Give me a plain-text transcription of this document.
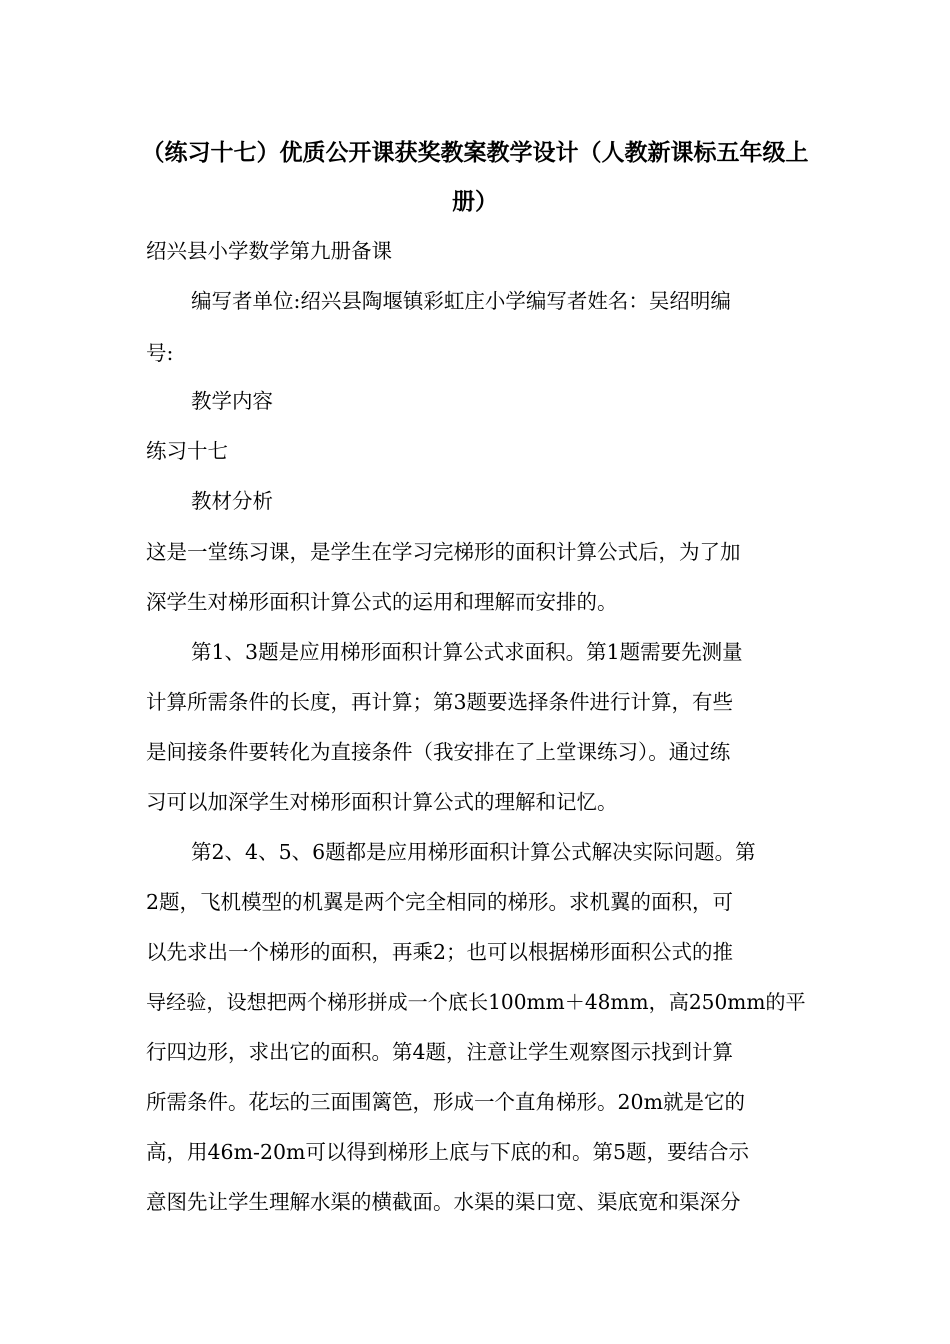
（练习十七）优质公开课获奖教案教学设计（人教新课标五年级上
册）
绍兴县小学数学第九册备课
编写者单位:绍兴县陶堰镇彩虹庄小学编写者姓名：吴绍明编
号:
教学内容
练习十七
教材分析
这是一堂练习课，是学生在学习完梯形的面积计算公式后，为了加
深学生对梯形面积计算公式的运用和理解而安排的。
第1、3题是应用梯形面积计算公式求面积。第1题需要先测量
计算所需条件的长度，再计算；第3题要选择条件进行计算，有些
是间接条件要转化为直接条件（我安排在了上堂课练习）。通过练
习可以加深学生对梯形面积计算公式的理解和记忆。
第2、4、5、6题都是应用梯形面积计算公式解决实际问题。第
2题，飞机模型的机翼是两个完全相同的梯形。求机翼的面积，可
以先求出一个梯形的面积，再乘2；也可以根据梯形面积公式的推
导经验，设想把两个梯形拼成一个底长100mm＋48mm，高250mm的平
行四边形，求出它的面积。第4题，注意让学生观察图示找到计算
所需条件。花坛的三面围篱笆，形成一个直角梯形。20m就是它的
高，用46m-20m可以得到梯形上底与下底的和。第5题，要结合示
意图先让学生理解水渠的横截面。水渠的渠口宽、渠底宽和渠深分
